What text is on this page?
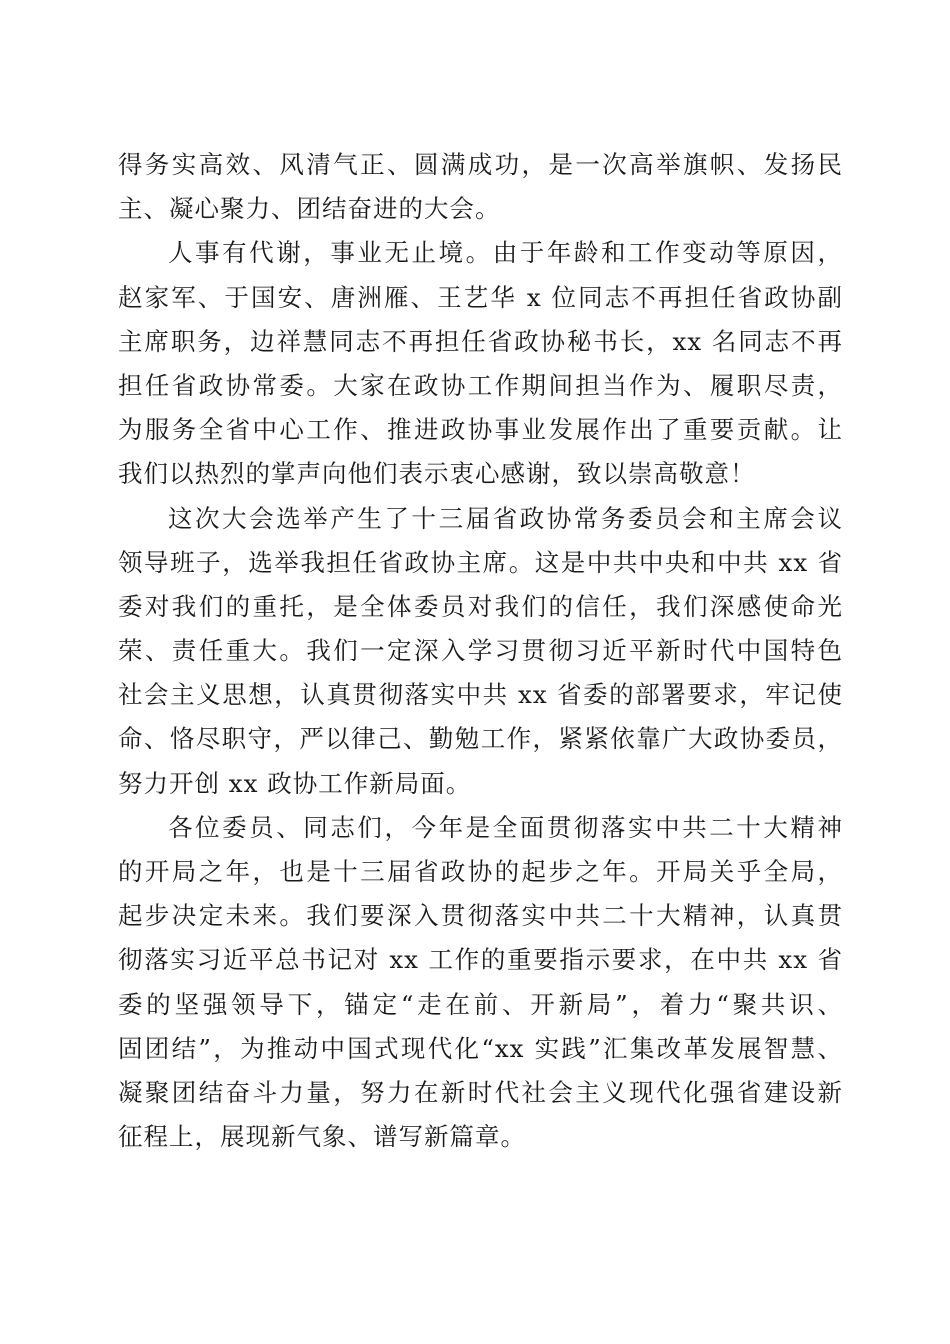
得务实高效、风清气正、圆满成功，是一次高举旗帜、发扬民
主、凝心聚力、团结奋进的大会。
人事有代谢，事业无止境。由于年龄和工作变动等原因，
赵家军、于国安、唐洲雁、王艺华 x 位同志不再担任省政协副
主席职务，边祥慧同志不再担任省政协秘书长，xx 名同志不再
担任省政协常委。大家在政协工作期间担当作为、履职尽责，
为服务全省中心工作、推进政协事业发展作出了重要贡献。让
我们以热烈的掌声向他们表示衷心感谢，致以崇高敬意！
这次大会选举产生了十三届省政协常务委员会和主席会议
领导班子，选举我担任省政协主席。这是中共中央和中共 xx 省
委对我们的重托，是全体委员对我们的信任，我们深感使命光
荣、责任重大。我们一定深入学习贯彻习近平新时代中国特色
社会主义思想，认真贯彻落实中共 xx 省委的部署要求，牢记使
命、恪尽职守，严以律己、勤勉工作，紧紧依靠广大政协委员，
努力开创 xx 政协工作新局面。
各位委员、同志们，今年是全面贯彻落实中共二十大精神
的开局之年，也是十三届省政协的起步之年。开局关乎全局，
起步决定未来。我们要深入贯彻落实中共二十大精神，认真贯
彻落实习近平总书记对 xx 工作的重要指示要求，在中共 xx 省
委的坚强领导下，锚定“走在前、开新局”，着力“聚共识、
固团结”，为推动中国式现代化“xx 实践”汇集改革发展智慧、
凝聚团结奋斗力量，努力在新时代社会主义现代化强省建设新
征程上，展现新气象、谱写新篇章。
